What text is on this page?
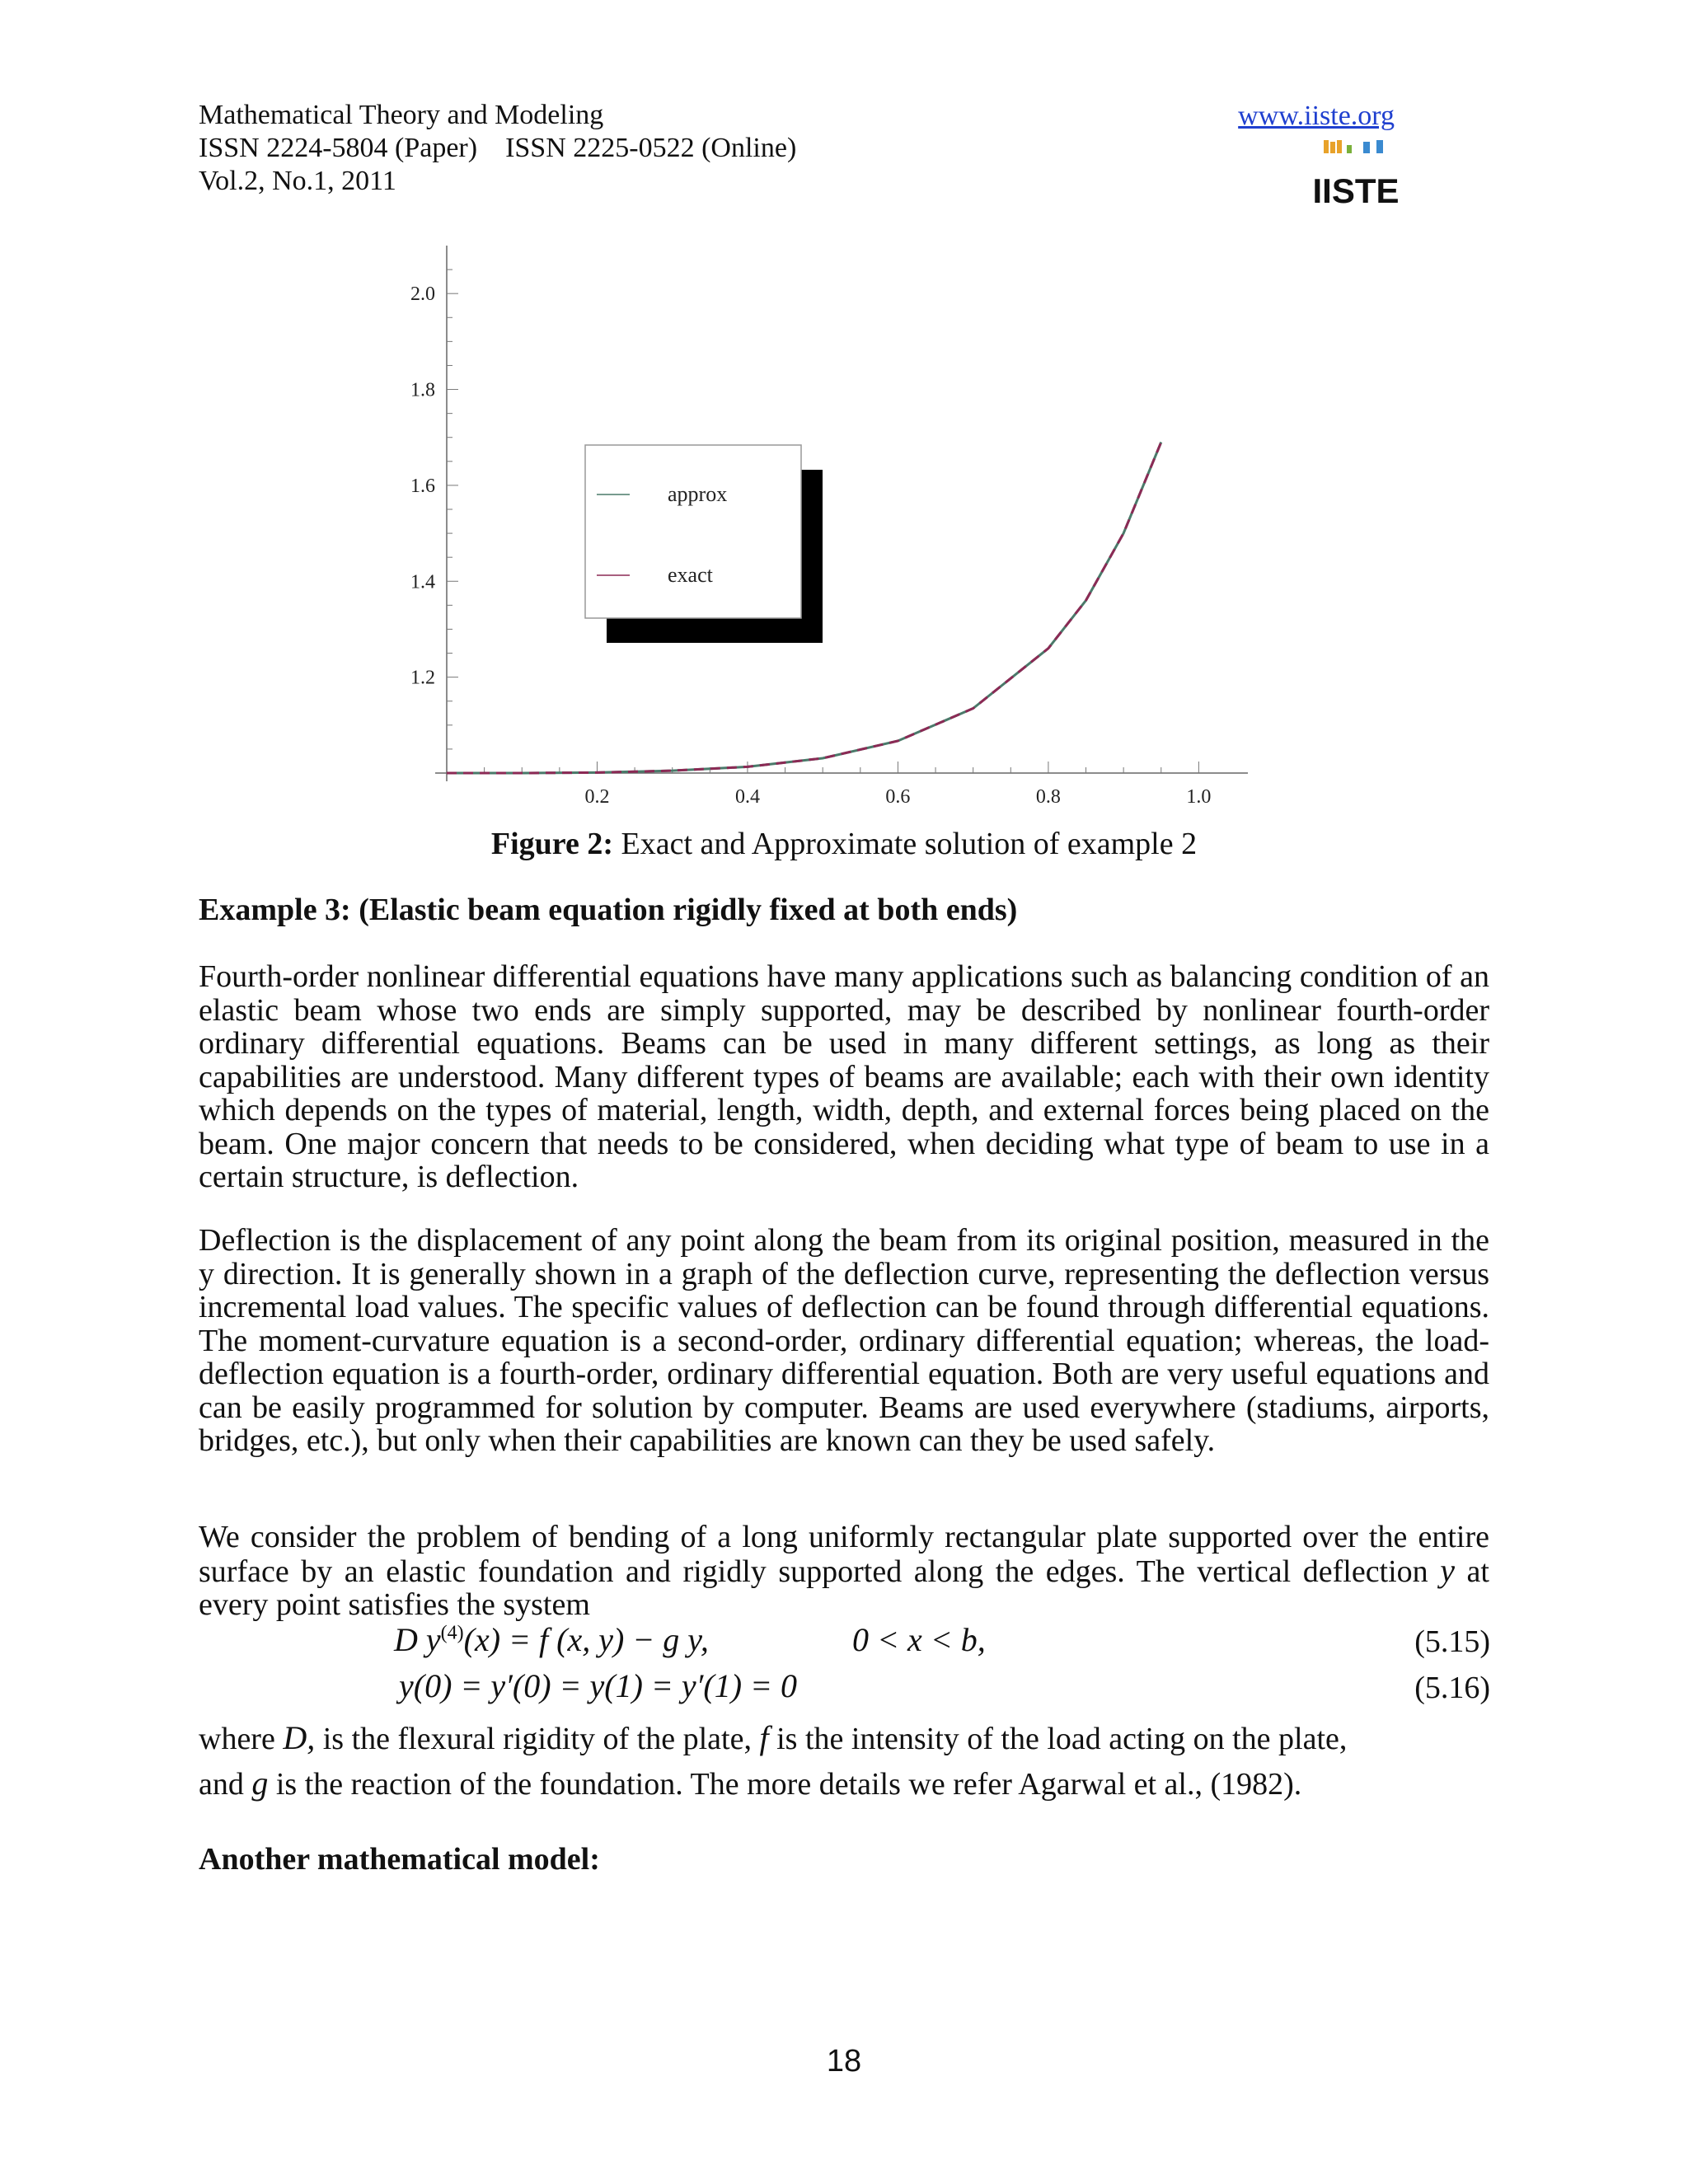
Mathematical Theory and Modeling
ISSN 2224-5804 (Paper)    ISSN 2225-0522 (Online)
Vol.2, No.1, 2011
www.iiste.org
IISTE
0.2	0.4	0.6	0.8	1.0
1.2
1.4
1.6
1.8
2.0
approx
exact
Figure 2: Exact and Approximate solution of example 2
Example 3: (Elastic beam equation rigidly fixed at both ends)
Fourth-order nonlinear differential equations have many applications such as balancing condition of an elastic beam whose two ends are simply supported, may be described by nonlinear fourth-order ordinary differential equations. Beams can be used in many different settings, as long as their capabilities are understood. Many different types of beams are available; each with their own identity which depends on the types of material, length, width, depth, and external forces being placed on the beam. One major concern that needs to be considered, when deciding what type of beam to use in a certain structure, is deflection.
Deflection is the displacement of any point along the beam from its original position, measured in the y direction. It is generally shown in a graph of the deflection curve, representing the deflection versus incremental load values. The specific values of deflection can be found through differential equations. The moment-curvature equation is a second-order, ordinary differential equation; whereas, the load-deflection equation is a fourth-order, ordinary differential equation. Both are very useful equations and can be easily programmed for solution by computer. Beams are used everywhere (stadiums, airports, bridges, etc.), but only when their capabilities are known can they be used safely.
We consider the problem of bending of a long uniformly rectangular plate supported over the entire surface by an elastic foundation and rigidly supported along the edges. The vertical deflection y at every point satisfies the system
D $y^{(4)}(x) = f$ (x, y) − g y,	0 < x < b,	(5.15)
y(0) = y′(0) = y(1) = y′(1) = 0	(5.16)
where D, is the flexural rigidity of the plate, f is the intensity of the load acting on the plate,
and g is the reaction of the foundation. The more details we refer Agarwal et al., (1982).
Another mathematical model:
18
